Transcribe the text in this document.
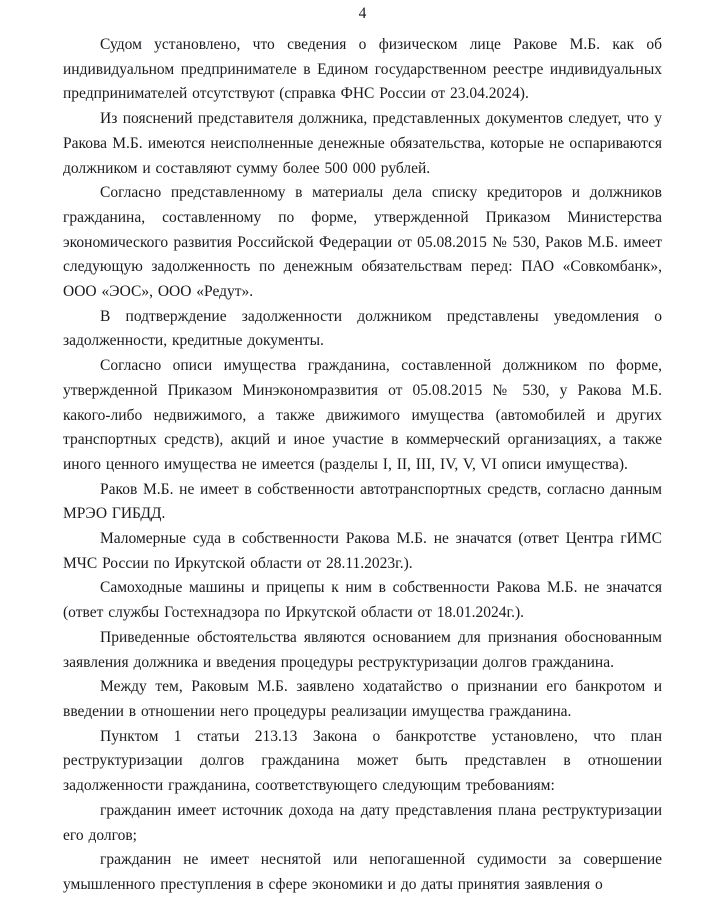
4

Судом установлено, что сведения о физическом лице Ракове М.Б. как об индивидуальном предпринимателе в Едином государственном реестре индивидуальных предпринимателей отсутствуют (справка ФНС России от 23.04.2024).

Из пояснений представителя должника, представленных документов следует, что у Ракова М.Б. имеются неисполненные денежные обязательства, которые не оспариваются должником и составляют сумму более 500 000 рублей.

Согласно представленному в материалы дела списку кредиторов и должников гражданина, составленному по форме, утвержденной Приказом Министерства экономического развития Российской Федерации от 05.08.2015 № 530, Раков М.Б. имеет следующую задолженность по денежным обязательствам перед: ПАО «Совкомбанк», ООО «ЭОС», ООО «Редут».

В подтверждение задолженности должником представлены уведомления о задолженности, кредитные документы.

Согласно описи имущества гражданина, составленной должником по форме, утвержденной Приказом Минэкономразвития от 05.08.2015 № 530, у Ракова М.Б. какого-либо недвижимого, а также движимого имущества (автомобилей и других транспортных средств), акций и иное участие в коммерческий организациях, а также иного ценного имущества не имеется (разделы I, II, III, IV, V, VI описи имущества).

Раков М.Б. не имеет в собственности автотранспортных средств, согласно данным МРЭО ГИБДД.

Маломерные суда в собственности Ракова М.Б. не значатся (ответ Центра гИМС МЧС России по Иркутской области от 28.11.2023г.).

Самоходные машины и прицепы к ним в собственности Ракова М.Б. не значатся (ответ службы Гостехнадзора по Иркутской области от 18.01.2024г.).

Приведенные обстоятельства являются основанием для признания обоснованным заявления должника и введения процедуры реструктуризации долгов гражданина.

Между тем, Раковым М.Б. заявлено ходатайство о признании его банкротом и введении в отношении него процедуры реализации имущества гражданина.

Пунктом 1 статьи 213.13 Закона о банкротстве установлено, что план реструктуризации долгов гражданина может быть представлен в отношении задолженности гражданина, соответствующего следующим требованиям:

гражданин имеет источник дохода на дату представления плана реструктуризации его долгов;

гражданин не имеет неснятой или непогашенной судимости за совершение умышленного преступления в сфере экономики и до даты принятия заявления о
